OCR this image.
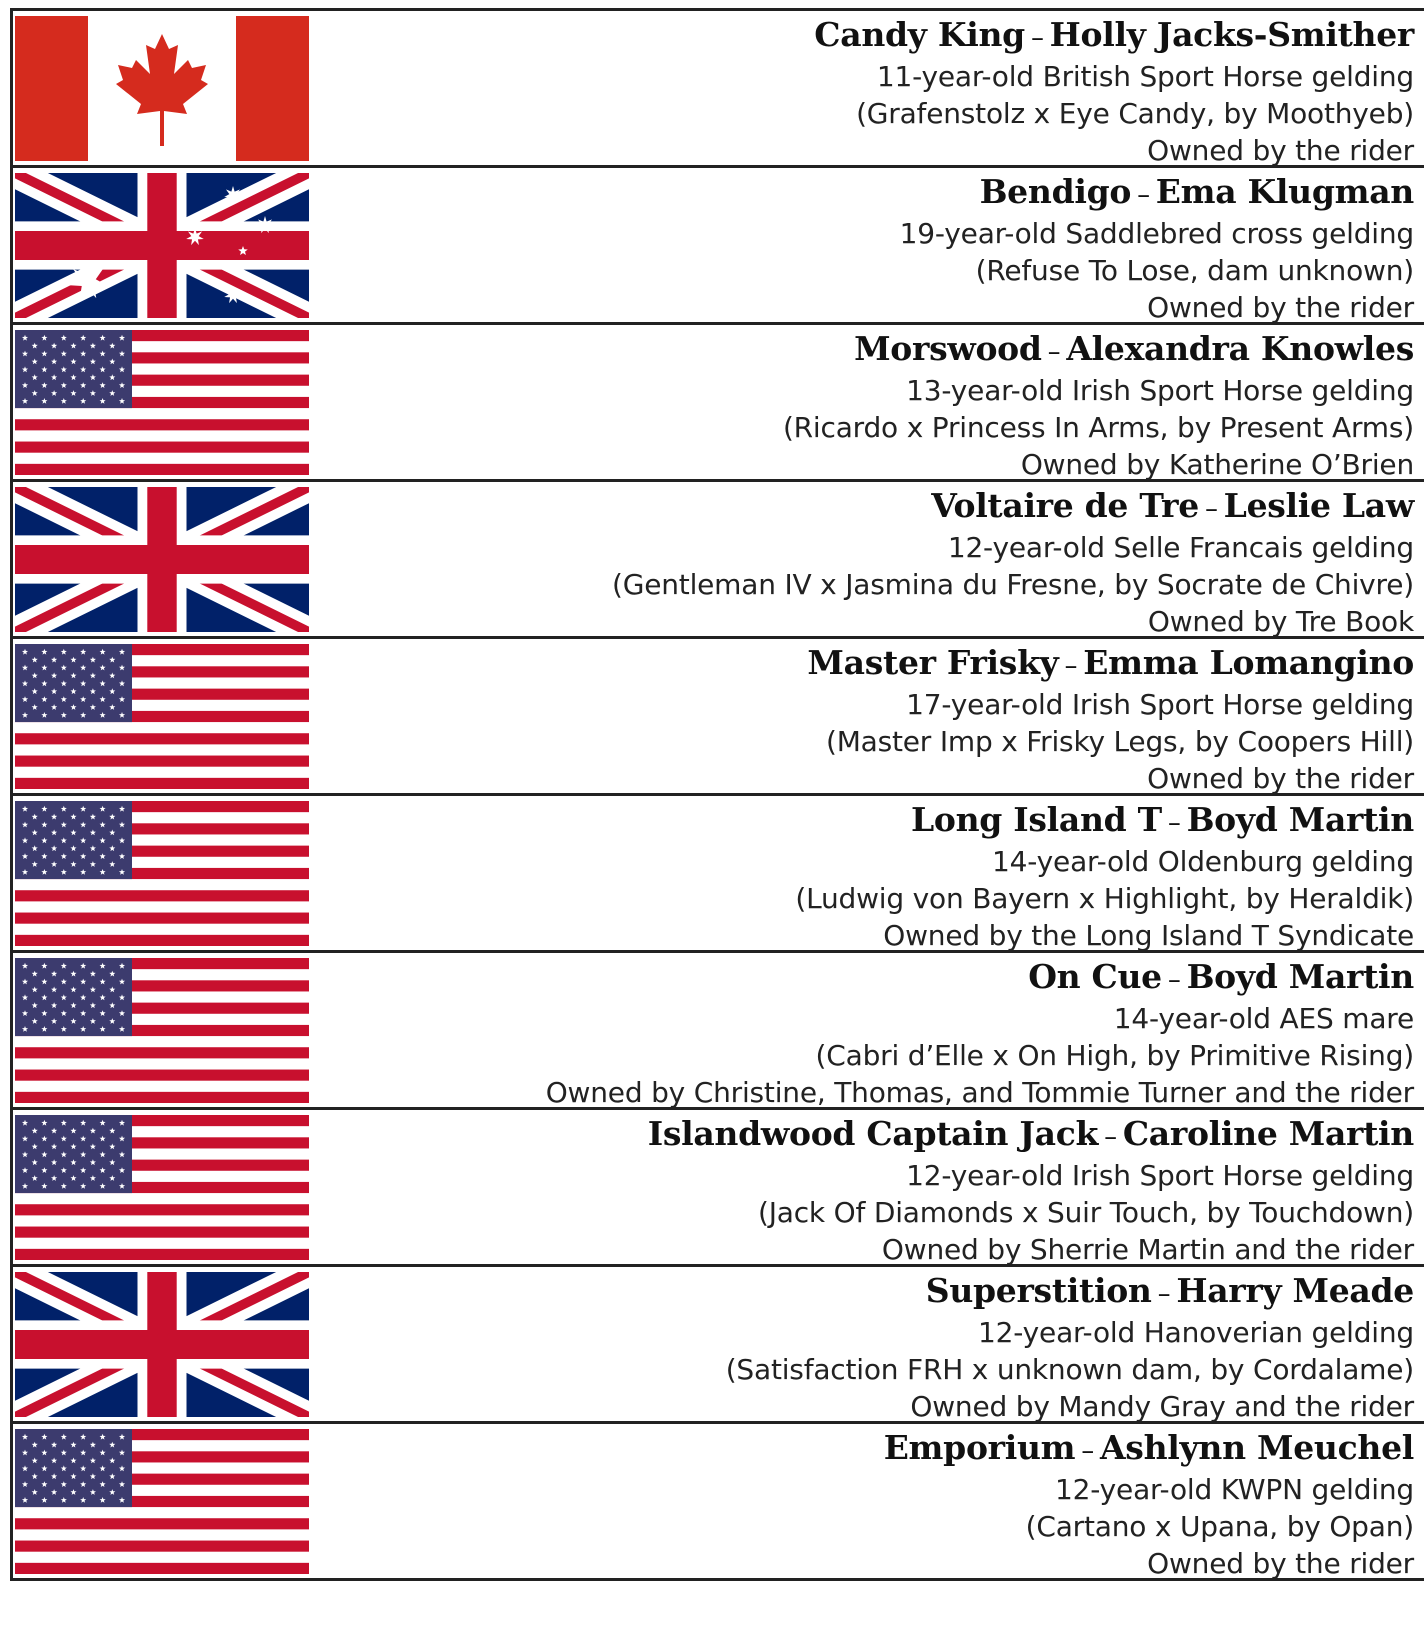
Candy King – Holly Jacks-Smither
11-year-old British Sport Horse gelding
(Grafenstolz x Eye Candy, by Moothyeb)
Owned by the rider
Bendigo – Ema Klugman
19-year-old Saddlebred cross gelding
(Refuse To Lose, dam unknown)
Owned by the rider
Morswood – Alexandra Knowles
13-year-old Irish Sport Horse gelding
(Ricardo x Princess In Arms, by Present Arms)
Owned by Katherine O’Brien
Voltaire de Tre – Leslie Law
12-year-old Selle Francais gelding
(Gentleman IV x Jasmina du Fresne, by Socrate de Chivre)
Owned by Tre Book
Master Frisky – Emma Lomangino
17-year-old Irish Sport Horse gelding
(Master Imp x Frisky Legs, by Coopers Hill)
Owned by the rider
Long Island T – Boyd Martin
14-year-old Oldenburg gelding
(Ludwig von Bayern x Highlight, by Heraldik)
Owned by the Long Island T Syndicate
On Cue – Boyd Martin
14-year-old AES mare
(Cabri d’Elle x On High, by Primitive Rising)
Owned by Christine, Thomas, and Tommie Turner and the rider
Islandwood Captain Jack – Caroline Martin
12-year-old Irish Sport Horse gelding
(Jack Of Diamonds x Suir Touch, by Touchdown)
Owned by Sherrie Martin and the rider
Superstition – Harry Meade
12-year-old Hanoverian gelding
(Satisfaction FRH x unknown dam, by Cordalame)
Owned by Mandy Gray and the rider
Emporium – Ashlynn Meuchel
12-year-old KWPN gelding
(Cartano x Upana, by Opan)
Owned by the rider
